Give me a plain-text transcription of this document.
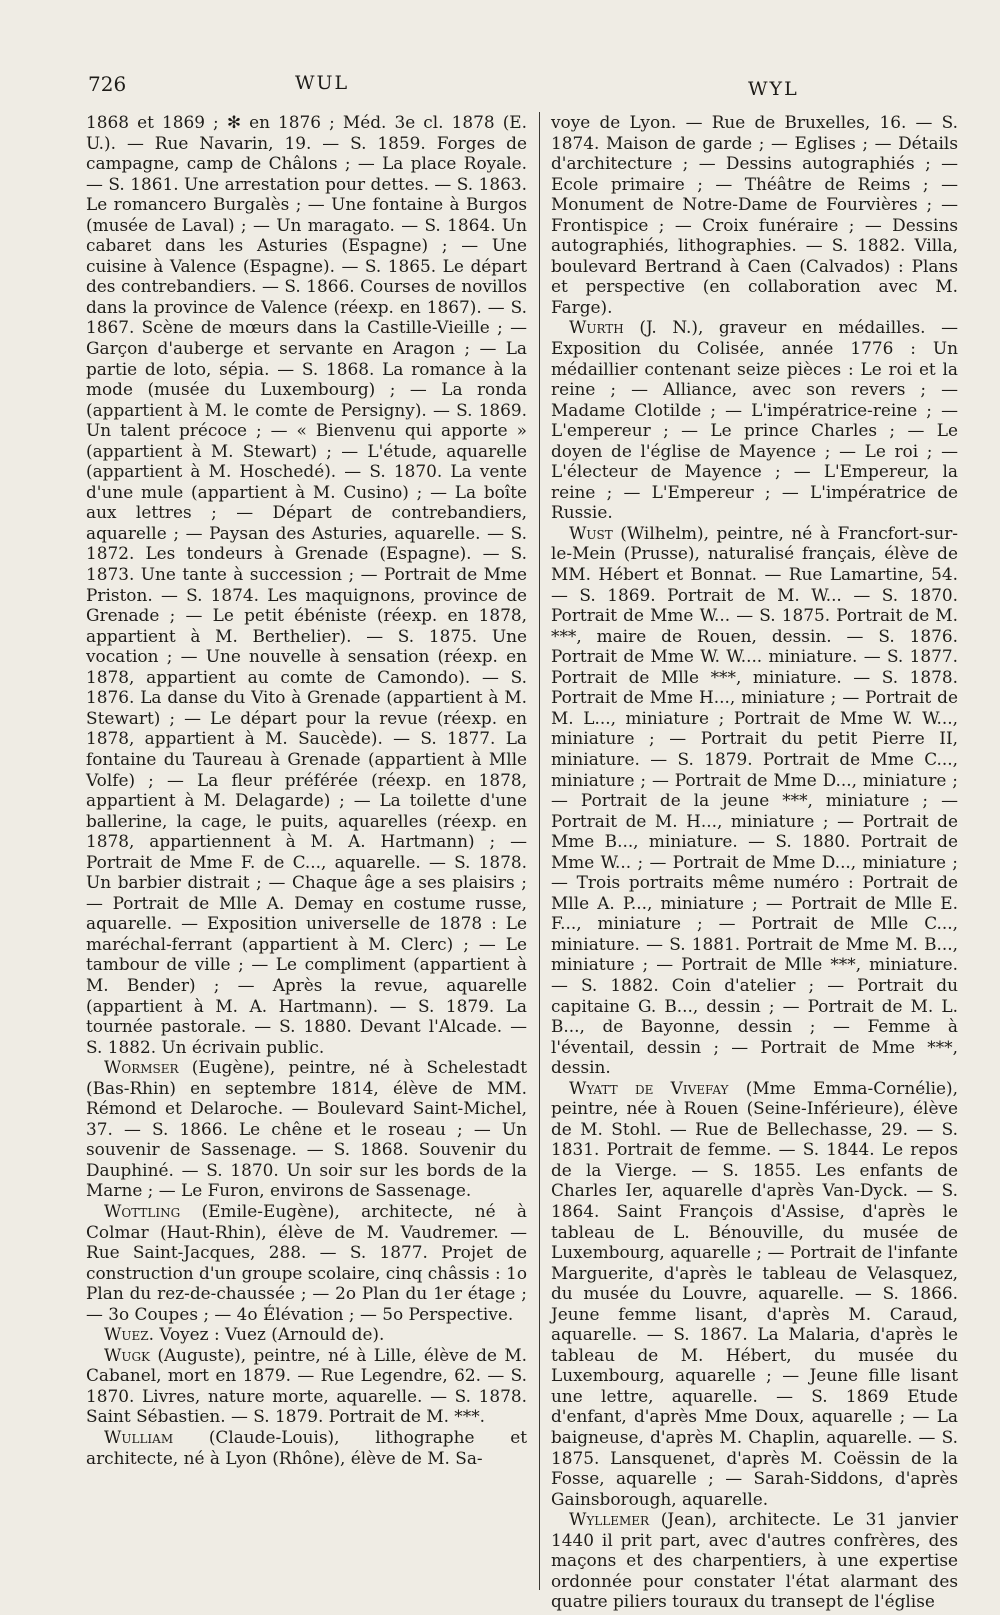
726	WUL	WYL

1868 et 1869 ; ✻ en 1876 ; Méd. 3e cl. 1878 (E. U.). — Rue Navarin, 19. — S. 1859. Forges de campagne, camp de Châlons ; — La place Royale. — S. 1861. Une arrestation pour dettes. — S. 1863. Le romancero Burgalès ; — Une fontaine à Burgos (musée de Laval) ; — Un maragato. — S. 1864. Un cabaret dans les Asturies (Espagne) ; — Une cuisine à Valence (Espagne). — S. 1865. Le départ des contrebandiers. — S. 1866. Courses de novillos dans la province de Valence (réexp. en 1867). — S. 1867. Scène de mœurs dans la Castille-Vieille ; — Garçon d'auberge et servante en Aragon ; — La partie de loto, sépia. — S. 1868. La romance à la mode (musée du Luxembourg) ; — La ronda (appartient à M. le comte de Persigny). — S. 1869. Un talent précoce ; — « Bienvenu qui apporte » (appartient à M. Stewart) ; — L'étude, aquarelle (appartient à M. Hoschedé). — S. 1870. La vente d'une mule (appartient à M. Cusino) ; — La boîte aux lettres ; — Départ de contrebandiers, aquarelle ; — Paysan des Asturies, aquarelle. — S. 1872. Les tondeurs à Grenade (Espagne). — S. 1873. Une tante à succession ; — Portrait de Mme Priston. — S. 1874. Les maquignons, province de Grenade ; — Le petit ébéniste (réexp. en 1878, appartient à M. Berthelier). — S. 1875. Une vocation ; — Une nouvelle à sensation (réexp. en 1878, appartient au comte de Camondo). — S. 1876. La danse du Vito à Grenade (appartient à M. Stewart) ; — Le départ pour la revue (réexp. en 1878, appartient à M. Saucède). — S. 1877. La fontaine du Taureau à Grenade (appartient à Mlle Volfe) ; — La fleur préférée (réexp. en 1878, appartient à M. Delagarde) ; — La toilette d'une ballerine, la cage, le puits, aquarelles (réexp. en 1878, appartiennent à M. A. Hartmann) ; — Portrait de Mme F. de C..., aquarelle. — S. 1878. Un barbier distrait ; — Chaque âge a ses plaisirs ; — Portrait de Mlle A. Demay en costume russe, aquarelle. — Exposition universelle de 1878 : Le maréchal-ferrant (appartient à M. Clerc) ; — Le tambour de ville ; — Le compliment (appartient à M. Bender) ; — Après la revue, aquarelle (appartient à M. A. Hartmann). — S. 1879. La tournée pastorale. — S. 1880. Devant l'Alcade. — S. 1882. Un écrivain public.

Wormser (Eugène), peintre, né à Schelestadt (Bas-Rhin) en septembre 1814, élève de MM. Rémond et Delaroche. — Boulevard Saint-Michel, 37. — S. 1866. Le chêne et le roseau ; — Un souvenir de Sassenage. — S. 1868. Souvenir du Dauphiné. — S. 1870. Un soir sur les bords de la Marne ; — Le Furon, environs de Sassenage.

Wottling (Emile-Eugène), architecte, né à Colmar (Haut-Rhin), élève de M. Vaudremer. — Rue Saint-Jacques, 288. — S. 1877. Projet de construction d'un groupe scolaire, cinq châssis : 1o Plan du rez-de-chaussée ; — 2o Plan du 1er étage ; — 3o Coupes ; — 4o Élévation ; — 5o Perspective.

Wuez. Voyez : Vuez (Arnould de).

Wugk (Auguste), peintre, né à Lille, élève de M. Cabanel, mort en 1879. — Rue Legendre, 62. — S. 1870. Livres, nature morte, aquarelle. — S. 1878. Saint Sébastien. — S. 1879. Portrait de M. ***.

Wulliam (Claude-Louis), lithographe et architecte, né à Lyon (Rhône), élève de M. Sa-

voye de Lyon. — Rue de Bruxelles, 16. — S. 1874. Maison de garde ; — Eglises ; — Détails d'architecture ; — Dessins autographiés ; — Ecole primaire ; — Théâtre de Reims ; — Monument de Notre-Dame de Fourvières ; — Frontispice ; — Croix funéraire ; — Dessins autographiés, lithographies. — S. 1882. Villa, boulevard Bertrand à Caen (Calvados) : Plans et perspective (en collaboration avec M. Farge).

Wurth (J. N.), graveur en médailles. — Exposition du Colisée, année 1776 : Un médaillier contenant seize pièces : Le roi et la reine ; — Alliance, avec son revers ; — Madame Clotilde ; — L'impératrice-reine ; — L'empereur ; — Le prince Charles ; — Le doyen de l'église de Mayence ; — Le roi ; — L'électeur de Mayence ; — L'Empereur, la reine ; — L'Empereur ; — L'impératrice de Russie.

Wust (Wilhelm), peintre, né à Francfort-sur-le-Mein (Prusse), naturalisé français, élève de MM. Hébert et Bonnat. — Rue Lamartine, 54. — S. 1869. Portrait de M. W... — S. 1870. Portrait de Mme W... — S. 1875. Portrait de M. ***, maire de Rouen, dessin. — S. 1876. Portrait de Mme W. W.... miniature. — S. 1877. Portrait de Mlle ***, miniature. — S. 1878. Portrait de Mme H..., miniature ; — Portrait de M. L..., miniature ; Portrait de Mme W. W..., miniature ; — Portrait du petit Pierre II, miniature. — S. 1879. Portrait de Mme C..., miniature ; — Portrait de Mme D..., miniature ; — Portrait de la jeune ***, miniature ; — Portrait de M. H..., miniature ; — Portrait de Mme B..., miniature. — S. 1880. Portrait de Mme W... ; — Portrait de Mme D..., miniature ; — Trois portraits même numéro : Portrait de Mlle A. P..., miniature ; — Portrait de Mlle E. F..., miniature ; — Portrait de Mlle C..., miniature. — S. 1881. Portrait de Mme M. B..., miniature ; — Portrait de Mlle ***, miniature. — S. 1882. Coin d'atelier ; — Portrait du capitaine G. B..., dessin ; — Portrait de M. L. B..., de Bayonne, dessin ; — Femme à l'éventail, dessin ; — Portrait de Mme ***, dessin.

Wyatt de Vivefay (Mme Emma-Cornélie), peintre, née à Rouen (Seine-Inférieure), élève de M. Stohl. — Rue de Bellechasse, 29. — S. 1831. Portrait de femme. — S. 1844. Le repos de la Vierge. — S. 1855. Les enfants de Charles Ier, aquarelle d'après Van-Dyck. — S. 1864. Saint François d'Assise, d'après le tableau de L. Bénouville, du musée de Luxembourg, aquarelle ; — Portrait de l'infante Marguerite, d'après le tableau de Velasquez, du musée du Louvre, aquarelle. — S. 1866. Jeune femme lisant, d'après M. Caraud, aquarelle. — S. 1867. La Malaria, d'après le tableau de M. Hébert, du musée du Luxembourg, aquarelle ; — Jeune fille lisant une lettre, aquarelle. — S. 1869 Etude d'enfant, d'après Mme Doux, aquarelle ; — La baigneuse, d'après M. Chaplin, aquarelle. — S. 1875. Lansquenet, d'après M. Coëssin de la Fosse, aquarelle ; — Sarah-Siddons, d'après Gainsborough, aquarelle.

Wyllemer (Jean), architecte. Le 31 janvier 1440 il prit part, avec d'autres confrères, des maçons et des charpentiers, à une expertise ordonnée pour constater l'état alarmant des quatre piliers touraux du transept de l'église
